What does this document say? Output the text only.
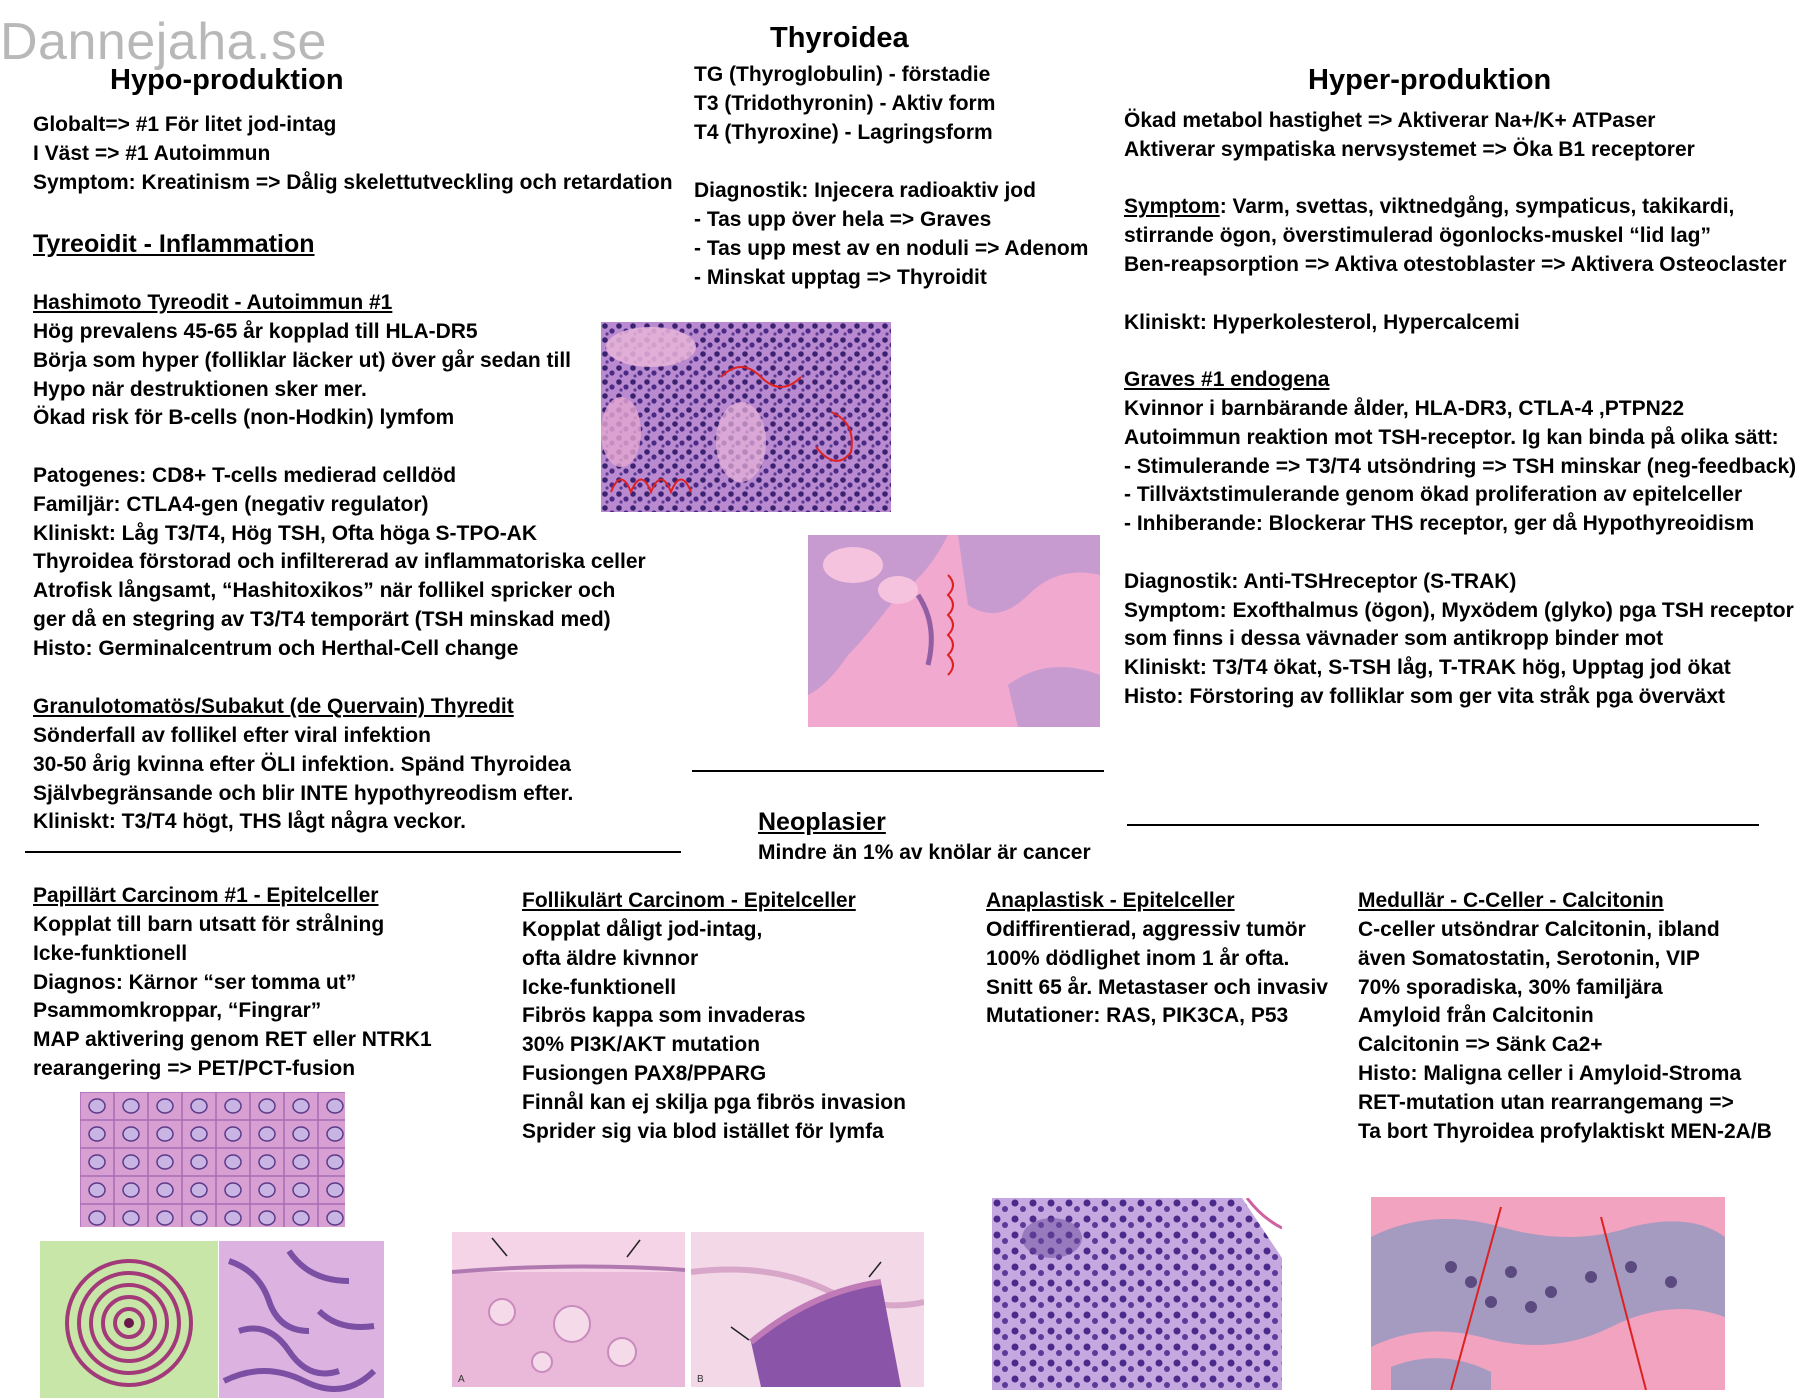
Dannejaha.se	Thyroidea
Hypo-produktion
Globalt=> #1 För litet jod-intag
I Väst => #1 Autoimmun
Symptom: Kreatinism => Dålig skelettutveckling och retardation
Tyreoidit - Inflammation
Hashimoto Tyreodit - Autoimmun #1
Hög prevalens 45-65 år kopplad till HLA-DR5
Börja som hyper (folliklar läcker ut) över går sedan till
Hypo när destruktionen sker mer.
Ökad risk för B-cells (non-Hodkin) lymfom
Patogenes: CD8+ T-cells medierad celldöd
Familjär: CTLA4-gen (negativ regulator)
Kliniskt: Låg T3/T4, Hög TSH, Ofta höga S-TPO-AK
Thyroidea förstorad och infiltererad av inflammatoriska celler
Atrofisk långsamt, “Hashitoxikos” när follikel spricker och
ger då en stegring av T3/T4 temporärt (TSH minskad med)
Histo: Germinalcentrum och Herthal-Cell change
Granulotomatös/Subakut (de Quervain) Thyredit
Sönderfall av follikel efter viral infektion
30-50 årig kvinna efter ÖLI infektion. Spänd Thyroidea
Självbegränsande och blir INTE hypothyreodism efter.
Kliniskt: T3/T4 högt, THS lågt några veckor.
TG (Thyroglobulin) - förstadie
T3 (Tridothyronin) - Aktiv form
T4 (Thyroxine) - Lagringsform
Diagnostik: Injecera radioaktiv jod
- Tas upp över hela => Graves
- Tas upp mest av en noduli => Adenom
- Minskat upptag => Thyroidit
Neoplasier
Mindre än 1% av knölar är cancer
Hyper-produktion
Ökad metabol hastighet => Aktiverar Na+/K+ ATPaser
Aktiverar sympatiska nervsystemet => Öka B1 receptorer
Symptom: Varm, svettas, viktnedgång, sympaticus, takikardi,
stirrande ögon, överstimulerad ögonlocks-muskel “lid lag”
Ben-reapsorption => Aktiva otestoblaster => Aktivera Osteoclaster
Kliniskt: Hyperkolesterol, Hypercalcemi
Graves #1 endogena
Kvinnor i barnbärande ålder, HLA-DR3, CTLA-4 ,PTPN22
Autoimmun reaktion mot TSH-receptor. Ig kan binda på olika sätt:
- Stimulerande => T3/T4 utsöndring => TSH minskar (neg-feedback)
- Tillväxtstimulerande genom ökad proliferation av epitelceller
- Inhiberande: Blockerar THS receptor, ger då Hypothyreoidism
Diagnostik: Anti-TSHreceptor (S-TRAK)
Symptom: Exofthalmus (ögon), Myxödem (glyko) pga TSH receptor
som finns i dessa vävnader som antikropp binder mot
Kliniskt: T3/T4 ökat, S-TSH låg, T-TRAK hög, Upptag jod ökat
Histo: Förstoring av folliklar som ger vita stråk pga överväxt
Papillärt Carcinom #1 - Epitelceller
Kopplat till barn utsatt för strålning
Icke-funktionell
Diagnos: Kärnor “ser tomma ut”
Psammomkroppar, “Fingrar”
MAP aktivering genom RET eller NTRK1
rearangering => PET/PCT-fusion
Follikulärt Carcinom - Epitelceller
Kopplat dåligt jod-intag,
ofta äldre kivnnor
Icke-funktionell
Fibrös kappa som invaderas
30% PI3K/AKT mutation
Fusiongen PAX8/PPARG
Finnål kan ej skilja pga fibrös invasion
Sprider sig via blod istället för lymfa
Anaplastisk - Epitelceller
Odiffirentierad, aggressiv tumör
100% dödlighet inom 1 år ofta.
Snitt 65 år. Metastaser och invasiv
Mutationer: RAS, PIK3CA, P53
Medullär - C-Celler - Calcitonin
C-celler utsöndrar Calcitonin, ibland
även Somatostatin, Serotonin, VIP
70% sporadiska, 30% familjära
Amyloid från Calcitonin
Calcitonin => Sänk Ca2+
Histo: Maligna celler i Amyloid-Stroma
RET-mutation utan rearrangemang =>
Ta bort Thyroidea profylaktiskt MEN-2A/B
A	B
